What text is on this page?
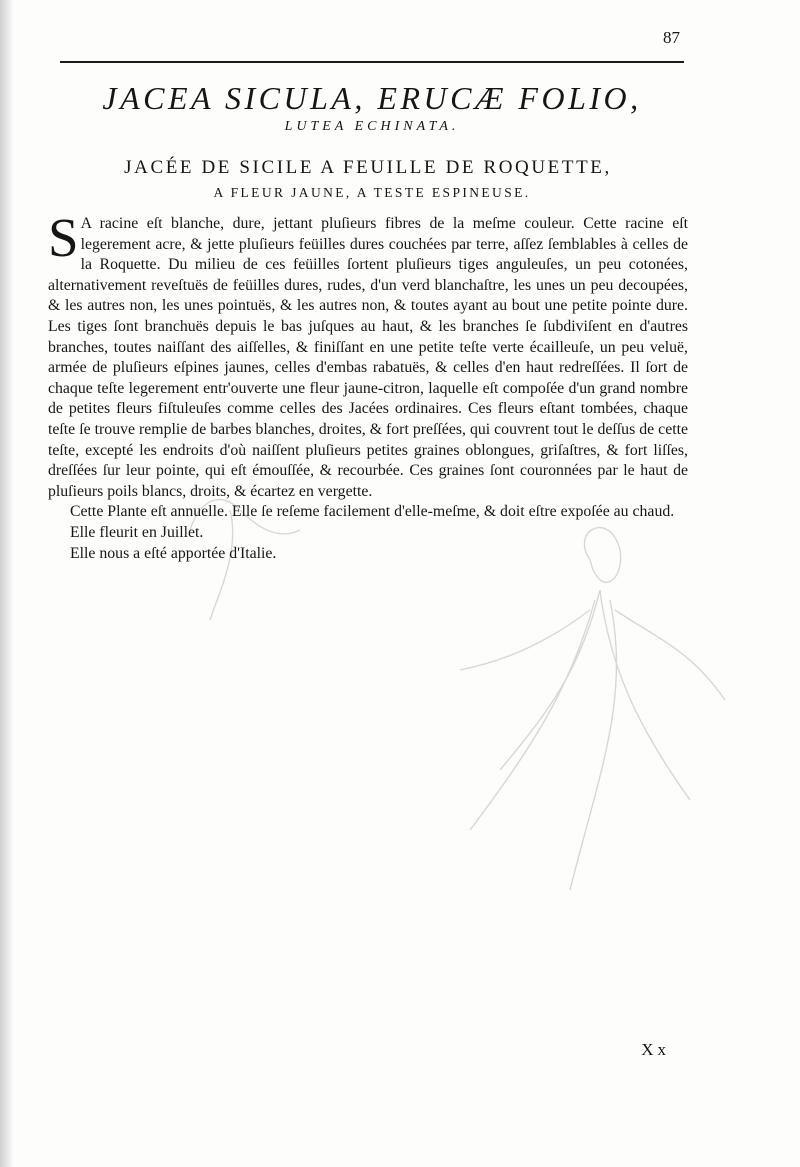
87
JACEA SICULA, ERUCÆ FOLIO,
LUTEA ECHINATA.
JACÉE DE SICILE A FEUILLE DE ROQUETTE,
A FLEUR JAUNE, A TESTE ESPINEUSE.

S A racine eſt blanche, dure, jettant pluſieurs fibres de la meſme couleur. Cette racine eſt legerement acre, & jette pluſieurs feüilles dures couchées par terre, aſſez ſemblables à celles de la Roquette. Du milieu de ces feüilles ſortent pluſieurs tiges anguleuſes, un peu cotonées, alternativement reveſtuës de feüilles dures, rudes, d'un verd blanchaſtre, les unes un peu decoupées, & les autres non, les unes pointuës, & les autres non, & toutes ayant au bout une petite pointe dure. Les tiges ſont branchuës depuis le bas juſques au haut, & les branches ſe ſubdiviſent en d'autres branches, toutes naiſſant des aiſſelles, & finiſſant en une petite teſte verte écailleuſe, un peu veluë, armée de pluſieurs eſpines jaunes, celles d'embas rabatuës, & celles d'en haut redreſſées. Il ſort de chaque teſte legerement entr'ouverte une fleur jaune-citron, laquelle eſt compoſée d'un grand nombre de petites fleurs fiſtuleuſes comme celles des Jacées ordinaires. Ces fleurs eſtant tombées, chaque teſte ſe trouve remplie de barbes blanches, droites, & fort preſſées, qui couvrent tout le deſſus de cette teſte, excepté les endroits d'où naiſſent pluſieurs petites graines oblongues, griſaſtres, & fort liſſes, dreſſées ſur leur pointe, qui eſt émouſſée, & recourbée. Ces graines ſont couronnées par le haut de pluſieurs poils blancs, droits, & écartez en vergette.

Cette Plante eſt annuelle. Elle ſe reſeme facilement d'elle-meſme, & doit eſtre expoſée au chaud.

Elle fleurit en Juillet.

Elle nous a eſté apportée d'Italie.

Xx
